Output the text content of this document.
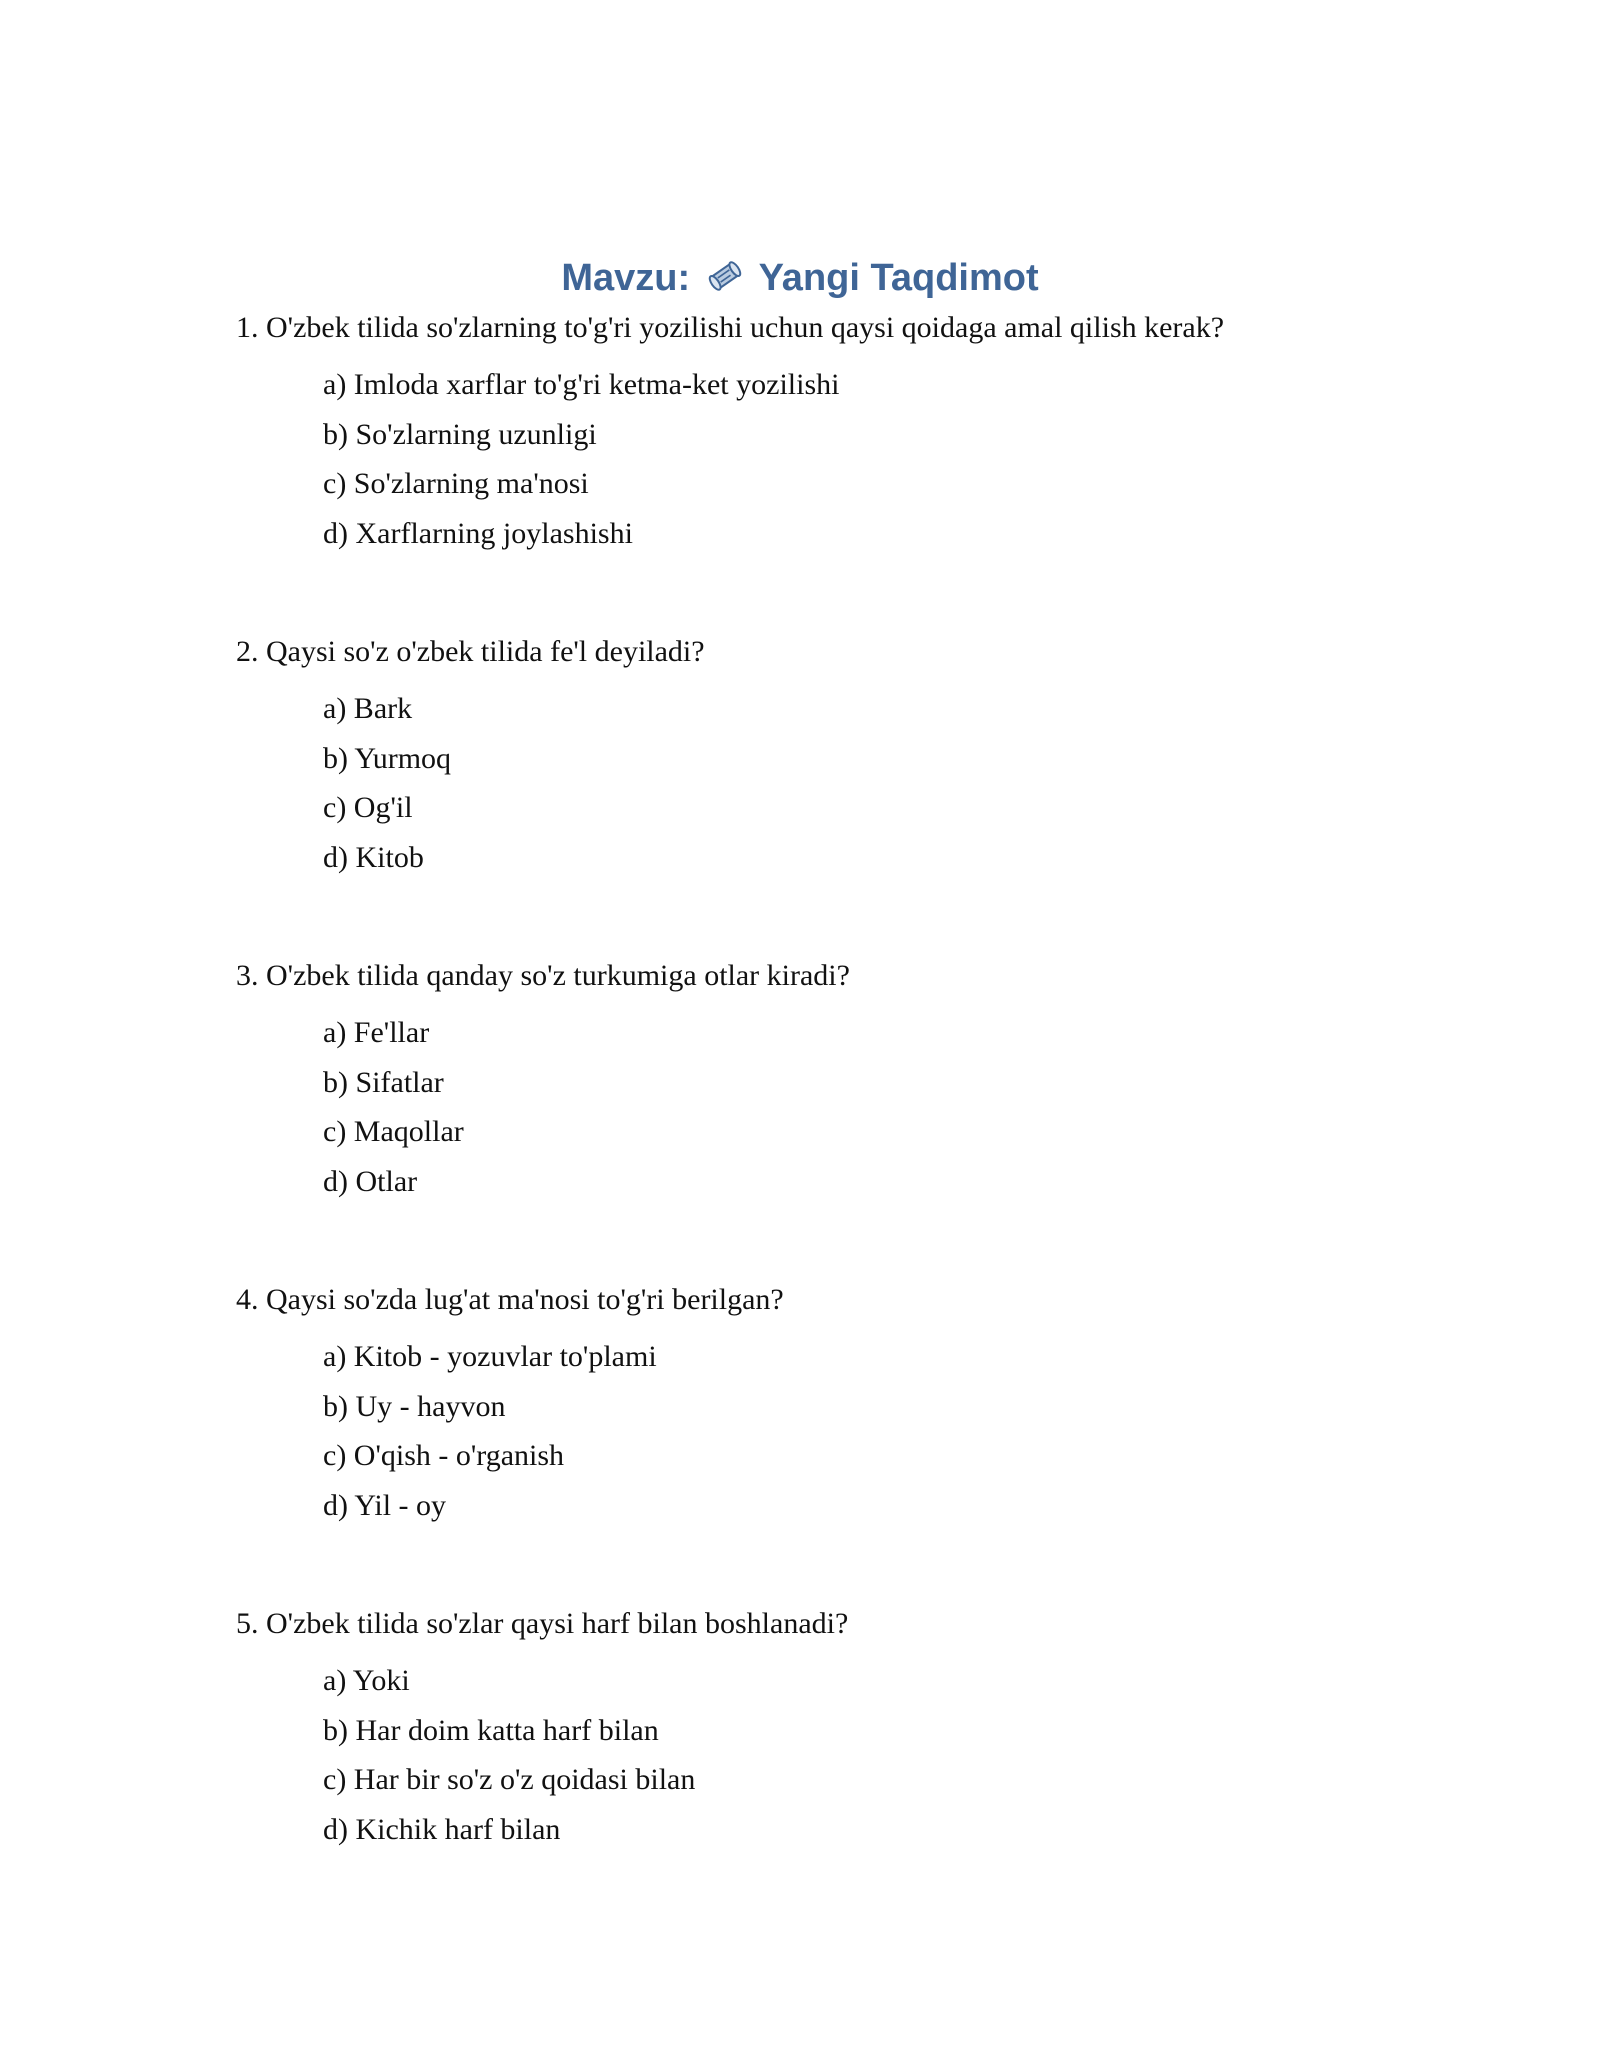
Mavzu: Yangi Taqdimot

1. O'zbek tilida so'zlarning to'g'ri yozilishi uchun qaysi qoidaga amal qilish kerak?

a) Imloda xarflar to'g'ri ketma-ket yozilishi
b) So'zlarning uzunligi
c) So'zlarning ma'nosi
d) Xarflarning joylashishi

2. Qaysi so'z o'zbek tilida fe'l deyiladi?

a) Bark
b) Yurmoq
c) Og'il
d) Kitob

3. O'zbek tilida qanday so'z turkumiga otlar kiradi?

a) Fe'llar
b) Sifatlar
c) Maqollar
d) Otlar

4. Qaysi so'zda lug'at ma'nosi to'g'ri berilgan?

a) Kitob - yozuvlar to'plami
b) Uy - hayvon
c) O'qish - o'rganish
d) Yil - oy

5. O'zbek tilida so'zlar qaysi harf bilan boshlanadi?

a) Yoki
b) Har doim katta harf bilan
c) Har bir so'z o'z qoidasi bilan
d) Kichik harf bilan
